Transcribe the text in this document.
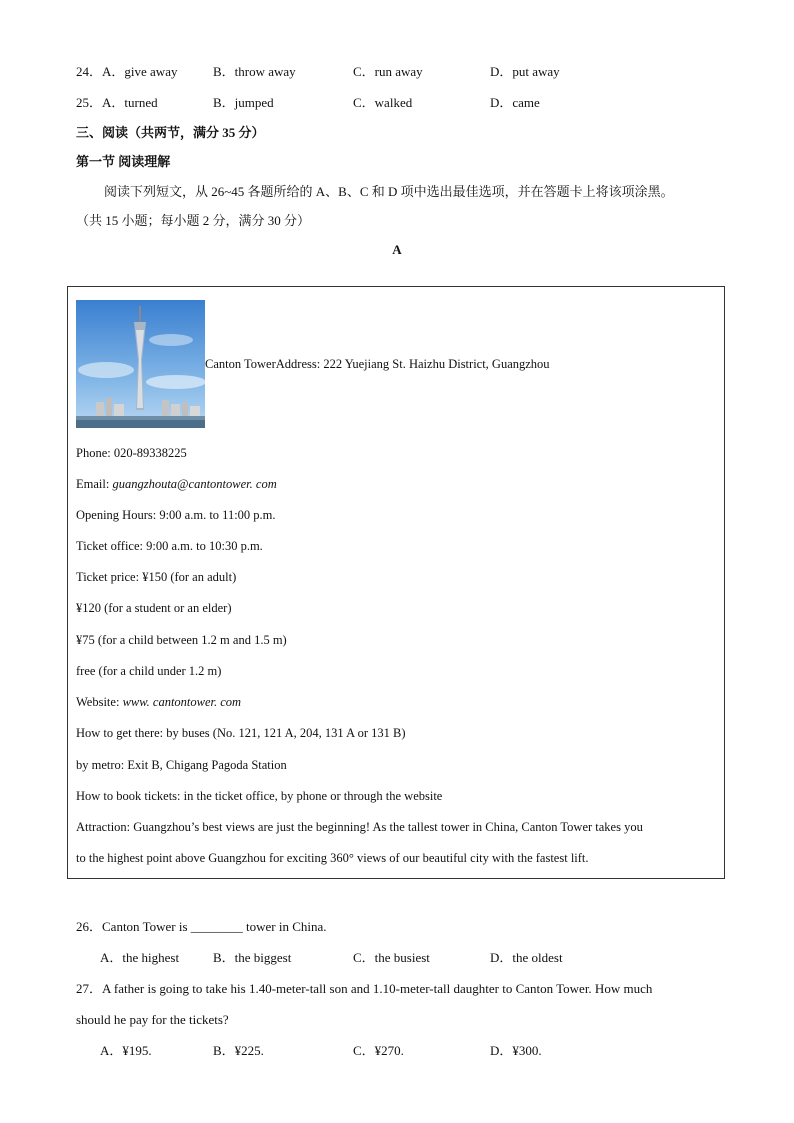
24．A．give away	B．throw away	C．run away	D．put away
25．A．turned	B．jumped	C．walked	D．came
三、阅读（共两节，满分 35 分）
第一节 阅读理解
阅读下列短文，从 26~45 各题所给的 A、B、C 和 D 项中选出最佳选项，并在答题卡上将该项涂黑。
（共 15 小题；每小题 2 分，满分 30 分）
A
Canton TowerAddress: 222 Yuejiang St. Haizhu District, Guangzhou
Phone: 020-89338225
Email: guangzhouta@cantontower. com
Opening Hours: 9:00 a.m. to 11:00 p.m.
Ticket office: 9:00 a.m. to 10:30 p.m.
Ticket price: ¥150 (for an adult)
¥120 (for a student or an elder)
¥75 (for a child between 1.2 m and 1.5 m)
free (for a child under 1.2 m)
Website: www. cantontower. com
How to get there: by buses (No. 121, 121 A, 204, 131 A or 131 B)
by metro: Exit B, Chigang Pagoda Station
How to book tickets: in the ticket office, by phone or through the website
Attraction: Guangzhou’s best views are just the beginning! As the tallest tower in China, Canton Tower takes you
to the highest point above Guangzhou for exciting 360° views of our beautiful city with the fastest lift.
26．Canton Tower is ________ tower in China.
A．the highest	B．the biggest	C．the busiest	D．the oldest
27．A father is going to take his 1.40-meter-tall son and 1.10-meter-tall daughter to Canton Tower. How much
should he pay for the tickets?
A．¥195.	B．¥225.	C．¥270.	D．¥300.
